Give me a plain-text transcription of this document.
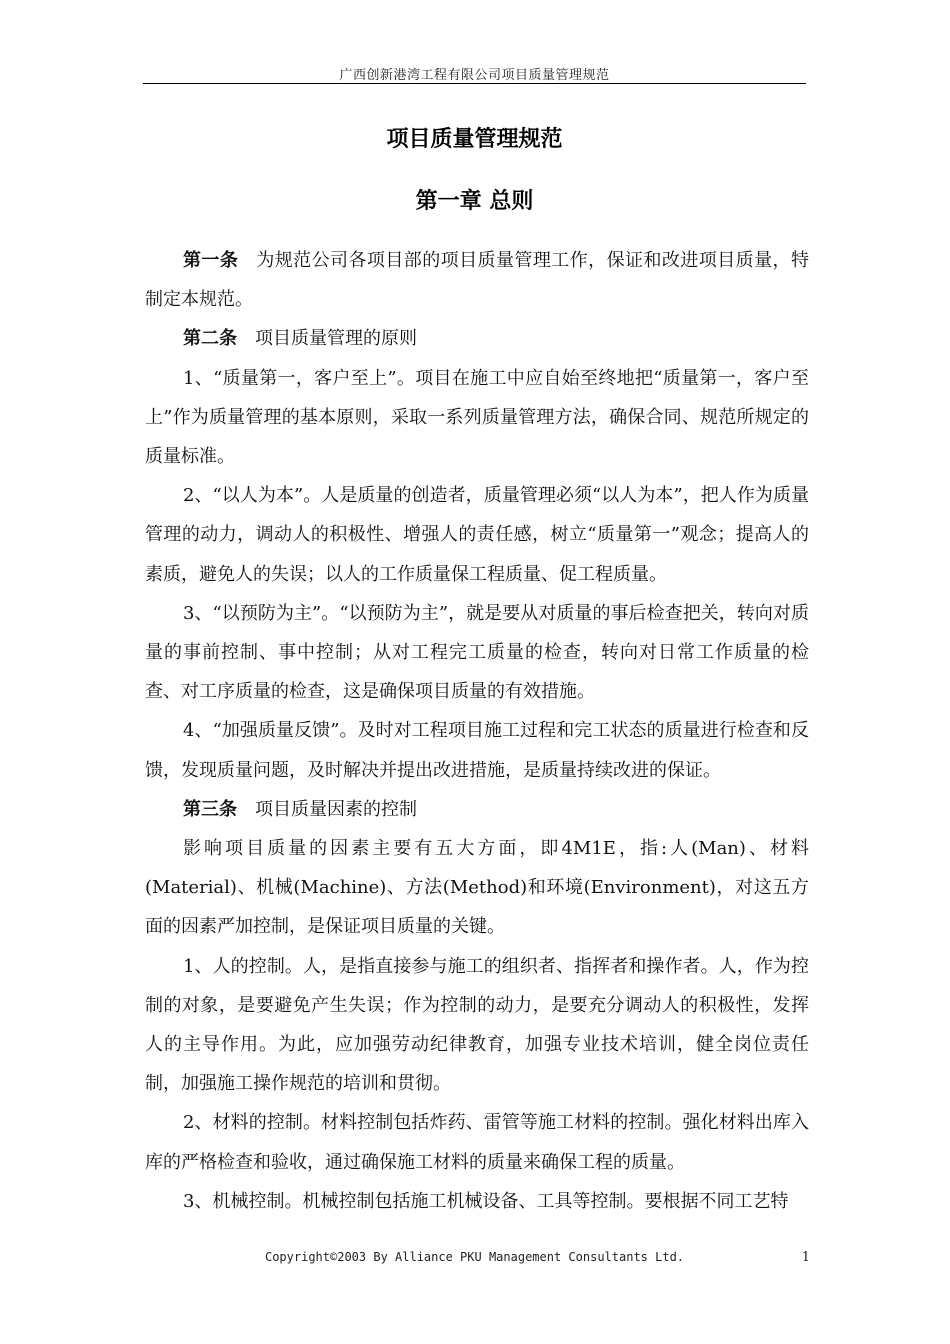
广西创新港湾工程有限公司项目质量管理规范
项目质量管理规范
第一章 总则

第一条 为规范公司各项目部的项目质量管理工作，保证和改进项目质量，特制定本规范。

第二条 项目质量管理的原则

1、“质量第一，客户至上”。项目在施工中应自始至终地把“质量第一，客户至上”作为质量管理的基本原则，采取一系列质量管理方法，确保合同、规范所规定的质量标准。

2、“以人为本”。人是质量的创造者，质量管理必须“以人为本”，把人作为质量管理的动力，调动人的积极性、增强人的责任感，树立“质量第一”观念；提高人的素质，避免人的失误；以人的工作质量保工程质量、促工程质量。

3、“以预防为主”。“以预防为主”，就是要从对质量的事后检查把关，转向对质量的事前控制、事中控制；从对工程完工质量的检查，转向对日常工作质量的检查、对工序质量的检查，这是确保项目质量的有效措施。

4、“加强质量反馈”。及时对工程项目施工过程和完工状态的质量进行检查和反馈，发现质量问题，及时解决并提出改进措施，是质量持续改进的保证。

第三条 项目质量因素的控制

影响项目质量的因素主要有五大方面，即4M1E，指:人(Man)、材料(Material)、机械(Machine)、方法(Method)和环境(Environment)，对这五方面的因素严加控制，是保证项目质量的关键。

1、人的控制。人，是指直接参与施工的组织者、指挥者和操作者。人，作为控制的对象，是要避免产生失误；作为控制的动力，是要充分调动人的积极性，发挥人的主导作用。为此，应加强劳动纪律教育，加强专业技术培训，健全岗位责任制，加强施工操作规范的培训和贯彻。

2、材料的控制。材料控制包括炸药、雷管等施工材料的控制。强化材料出库入库的严格检查和验收，通过确保施工材料的质量来确保工程的质量。

3、机械控制。机械控制包括施工机械设备、工具等控制。要根据不同工艺特

Copyright©2003 By Alliance PKU Management Consultants Ltd.	1
